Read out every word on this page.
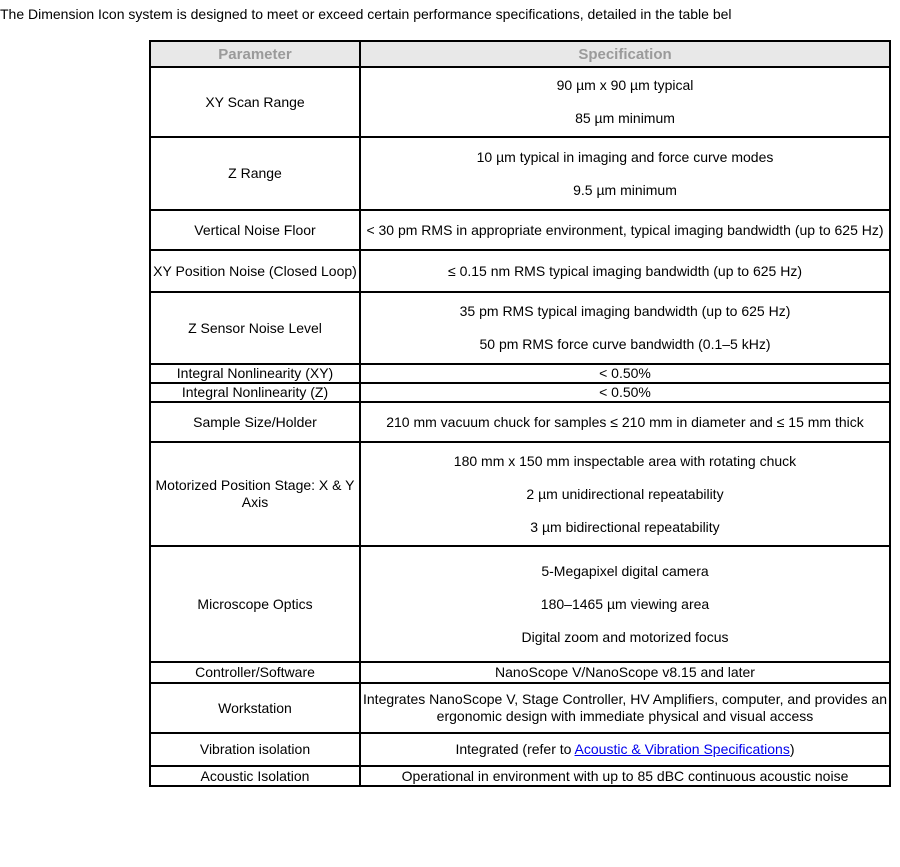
The Dimension Icon system is designed to meet or exceed certain performance specifications, detailed in the table bel
Parameter	Specification
XY Scan Range	90 µm x 90 µm typical
85 µm minimum

Z Range	10 µm typical in imaging and force curve modes
9.5 µm minimum

Vertical Noise Floor	< 30 pm RMS in appropriate environment, typical imaging bandwidth (up to 625 Hz)

XY Position Noise (Closed Loop)	≤ 0.15 nm RMS typical imaging bandwidth (up to 625 Hz)

Z Sensor Noise Level	35 pm RMS typical imaging bandwidth (up to 625 Hz)
50 pm RMS force curve bandwidth (0.1–5 kHz)

Integral Nonlinearity (XY)	< 0.50%

Integral Nonlinearity (Z)	< 0.50%

Sample Size/Holder	210 mm vacuum chuck for samples ≤ 210 mm in diameter and ≤ 15 mm thick

Motorized Position Stage: X & Y Axis	180 mm x 150 mm inspectable area with rotating chuck
2 µm unidirectional repeatability
3 µm bidirectional repeatability

Microscope Optics	5-Megapixel digital camera
180–1465 µm viewing area
Digital zoom and motorized focus

Controller/Software	NanoScope V/NanoScope v8.15 and later

Workstation	Integrates NanoScope V, Stage Controller, HV Amplifiers, computer, and provides an ergonomic design with immediate physical and visual access

Vibration isolation	Integrated (refer to Acoustic & Vibration Specifications)
Acoustic Isolation	Operational in environment with up to 85 dBC continuous acoustic noise
